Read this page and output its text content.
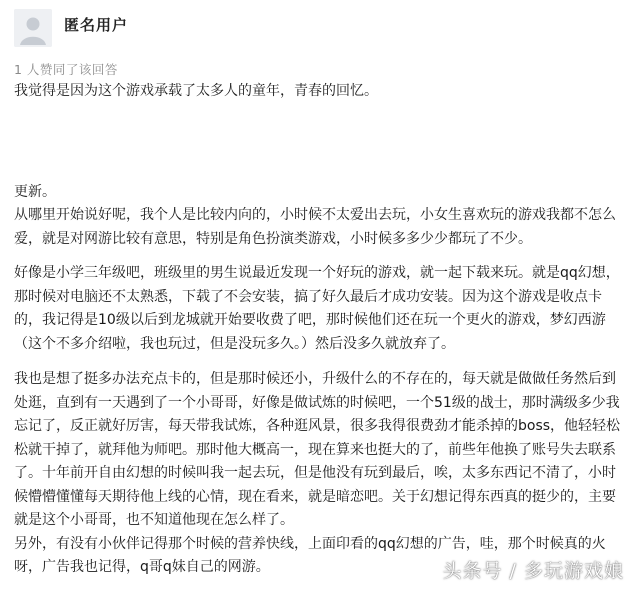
匿名用户
1 人赞同了该回答

我觉得是因为这个游戏承载了太多人的童年，青春的回忆。

更新。

从哪里开始说好呢，我个人是比较内向的，小时候不太爱出去玩，小女生喜欢玩的游戏我都不怎么
爱，就是对网游比较有意思，特别是角色扮演类游戏，小时候多多少少都玩了不少。

好像是小学三年级吧，班级里的男生说最近发现一个好玩的游戏，就一起下载来玩。就是qq幻想，
那时候对电脑还不太熟悉，下载了不会安装，搞了好久最后才成功安装。因为这个游戏是收点卡
的，我记得是10级以后到龙城就开始要收费了吧，那时候他们还在玩一个更火的游戏，梦幻西游
（这个不多介绍啦，我也玩过，但是没玩多久。）然后没多久就放弃了。

我也是想了挺多办法充点卡的，但是那时候还小，升级什么的不存在的，每天就是做做任务然后到
处逛，直到有一天遇到了一个小哥哥，好像是做试炼的时候吧，一个51级的战士，那时满级多少我
忘记了，反正就好厉害，每天带我试炼，各种逛风景，很多我得很费劲才能杀掉的boss，他轻轻松
松就干掉了，就拜他为师吧。那时他大概高一，现在算来也挺大的了，前些年他换了账号失去联系
了。十年前开自由幻想的时候叫我一起去玩，但是他没有玩到最后，唉，太多东西记不清了，小时
候懵懵懂懂每天期待他上线的心情，现在看来，就是暗恋吧。关于幻想记得东西真的挺少的，主要
就是这个小哥哥，也不知道他现在怎么样了。
另外，有没有小伙伴记得那个时候的营养快线，上面印看的qq幻想的广告，哇，那个时候真的火
呀，广告我也记得，q哥q妹自己的网游。	头条号 / 多玩游戏娘
